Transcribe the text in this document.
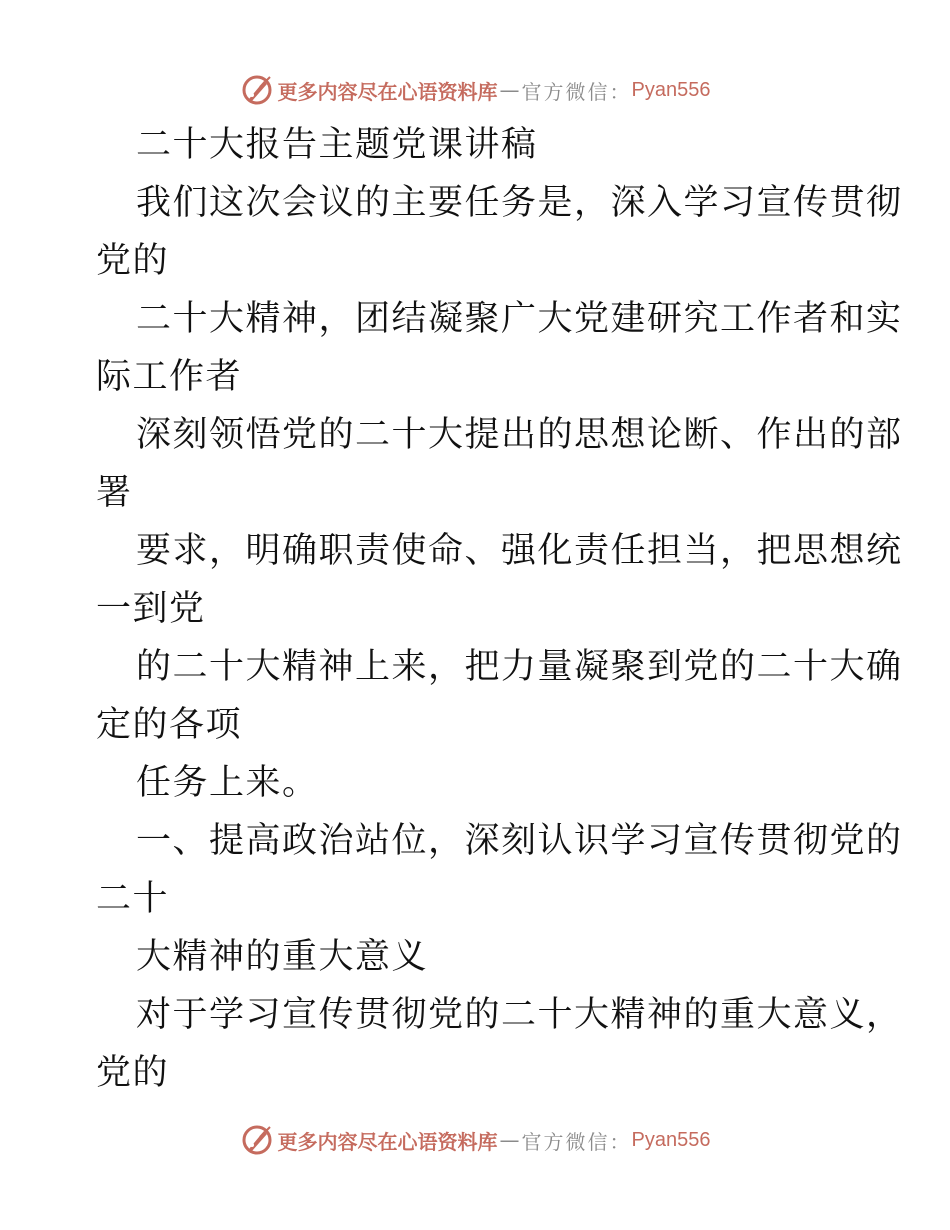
更多内容尽在心语资料库 — 官方微信： Pyan556
二十大报告主题党课讲稿
我们这次会议的主要任务是，深入学习宣传贯彻
党的
二十大精神，团结凝聚广大党建研究工作者和实
际工作者
深刻领悟党的二十大提出的思想论断、作出的部
署
要求，明确职责使命、强化责任担当，把思想统
一到党
的二十大精神上来，把力量凝聚到党的二十大确
定的各项
任务上来。
一、提高政治站位，深刻认识学习宣传贯彻党的
二十
大精神的重大意义
对于学习宣传贯彻党的二十大精神的重大意义，
党的
更多内容尽在心语资料库 — 官方微信： Pyan556
